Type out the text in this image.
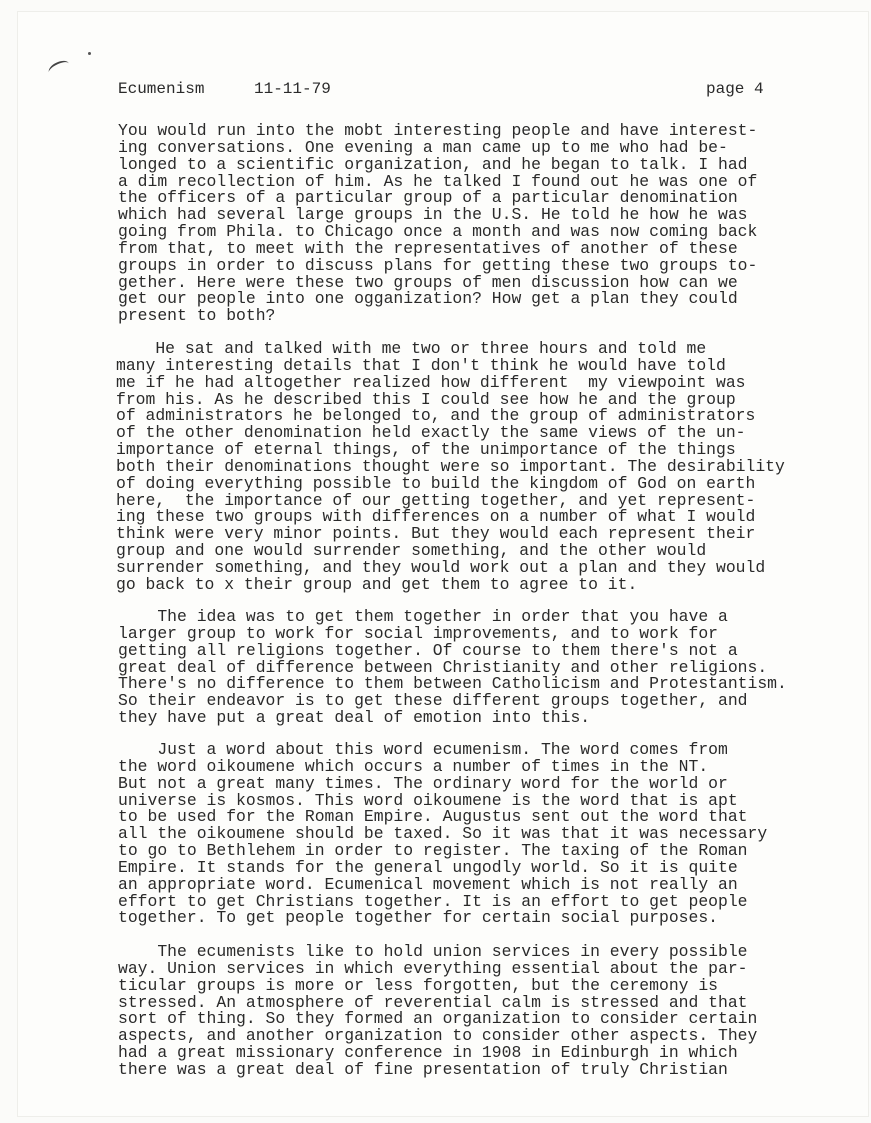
Ecumenism	11-11-79	page 4
You would run into the mobt interesting people and have interest-
ing conversations. One evening a man came up to me who had be-
longed to a scientific organization, and he began to talk. I had
a dim recollection of him. As he talked I found out he was one of
the officers of a particular group of a particular denomination
which had several large groups in the U.S. He told he how he was
going from Phila. to Chicago once a month and was now coming back
from that, to meet with the representatives of another of these
groups in order to discuss plans for getting these two groups to-
gether. Here were these two groups of men discussion how can we
get our people into one ogganization? How get a plan they could
present to both?
He sat and talked with me two or three hours and told me
many interesting details that I don't think he would have told
me if he had altogether realized how different  my viewpoint was
from his. As he described this I could see how he and the group
of administrators he belonged to, and the group of administrators
of the other denomination held exactly the same views of the un-
importance of eternal things, of the unimportance of the things
both their denominations thought were so important. The desirability
of doing everything possible to build the kingdom of God on earth
here,  the importance of our getting together, and yet represent-
ing these two groups with differences on a number of what I would
think were very minor points. But they would each represent their
group and one would surrender something, and the other would
surrender something, and they would work out a plan and they would
go back to x their group and get them to agree to it.
The idea was to get them together in order that you have a
larger group to work for social improvements, and to work for
getting all religions together. Of course to them there's not a
great deal of difference between Christianity and other religions.
There's no difference to them between Catholicism and Protestantism.
So their endeavor is to get these different groups together, and
they have put a great deal of emotion into this.
Just a word about this word ecumenism. The word comes from
the word oikoumene which occurs a number of times in the NT.
But not a great many times. The ordinary word for the world or
universe is kosmos. This word oikoumene is the word that is apt
to be used for the Roman Empire. Augustus sent out the word that
all the oikoumene should be taxed. So it was that it was necessary
to go to Bethlehem in order to register. The taxing of the Roman
Empire. It stands for the general ungodly world. So it is quite
an appropriate word. Ecumenical movement which is not really an
effort to get Christians together. It is an effort to get people
together. To get people together for certain social purposes.
The ecumenists like to hold union services in every possible
way. Union services in which everything essential about the par-
ticular groups is more or less forgotten, but the ceremony is
stressed. An atmosphere of reverential calm is stressed and that
sort of thing. So they formed an organization to consider certain
aspects, and another organization to consider other aspects. They
had a great missionary conference in 1908 in Edinburgh in which
there was a great deal of fine presentation of truly Christian
